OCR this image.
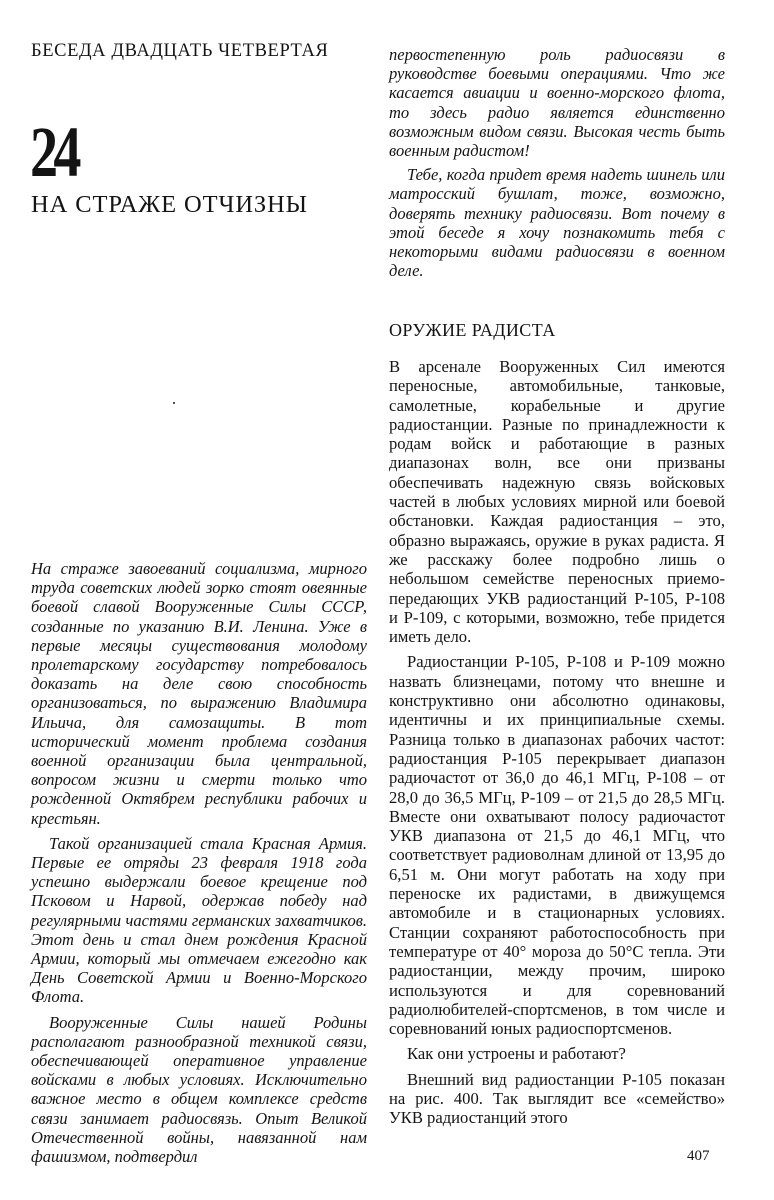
БЕСЕДА ДВАДЦАТЬ ЧЕТВЕРТАЯ
24
НА СТРАЖЕ ОТЧИЗНЫ

первостепенную роль радиосвязи в руководстве боевыми операциями. Что же касается авиации и военно-морского флота, то здесь радио является единственно возможным видом связи. Высокая честь быть военным радистом!

Тебе, когда придет время надеть шинель или матросский бушлат, тоже, возможно, доверять технику радиосвязи. Вот почему в этой беседе я хочу познакомить тебя с некоторыми видами радиосвязи в военном деле.

На страже завоеваний социализма, мирного труда советских людей зорко стоят овеянные боевой славой Вооруженные Силы СССР, созданные по указанию В.И. Ленина. Уже в первые месяцы существования молодому пролетарскому государству потребовалось доказать на деле свою способность организоваться, по выражению Владимира Ильича, для самозащиты. В тот исторический момент проблема создания военной организации была центральной, вопросом жизни и смерти только что рожденной Октябрем республики рабочих и крестьян.

Такой организацией стала Красная Армия. Первые ее отряды 23 февраля 1918 года успешно выдержали боевое крещение под Псковом и Нарвой, одержав победу над регулярными частями германских захватчиков. Этот день и стал днем рождения Красной Армии, который мы отмечаем ежегодно как День Советской Армии и Военно-Морского Флота.

Вооруженные Силы нашей Родины располагают разнообразной техникой связи, обеспечивающей оперативное управление войсками в любых условиях. Исключительно важное место в общем комплексе средств связи занимает радиосвязь. Опыт Великой Отечественной войны, навязанной нам фашизмом, подтвердил

ОРУЖИЕ РАДИСТА

В арсенале Вооруженных Сил имеются переносные, автомобильные, танковые, самолетные, корабельные и другие радиостанции. Разные по принадлежности к родам войск и работающие в разных диапазонах волн, все они призваны обеспечивать надежную связь войсковых частей в любых условиях мирной или боевой обстановки. Каждая радиостанция – это, образно выражаясь, оружие в руках радиста. Я же расскажу более подробно лишь о небольшом семействе переносных приемо-передающих УКВ радиостанций Р-105, Р-108 и Р-109, с которыми, возможно, тебе придется иметь дело.

Радиостанции Р-105, Р-108 и Р-109 можно назвать близнецами, потому что внешне и конструктивно они абсолютно одинаковы, идентичны и их принципиальные схемы. Разница только в диапазонах рабочих частот: радиостанция Р-105 перекрывает диапазон радиочастот от 36,0 до 46,1 МГц, Р-108 – от 28,0 до 36,5 МГц, Р-109 – от 21,5 до 28,5 МГц. Вместе они охватывают полосу радиочастот УКВ диапазона от 21,5 до 46,1 МГц, что соответствует радиоволнам длиной от 13,95 до 6,51 м. Они могут работать на ходу при переноске их радистами, в движущемся автомобиле и в стационарных условиях. Станции сохраняют работоспособность при температуре от 40° мороза до 50°С тепла. Эти радиостанции, между прочим, широко используются и для соревнований радиолюбителей-спортсменов, в том числе и соревнований юных радиоспортсменов.

Как они устроены и работают?

Внешний вид радиостанции Р-105 показан на рис. 400. Так выглядит все «семейство» УКВ радиостанций этого

407
